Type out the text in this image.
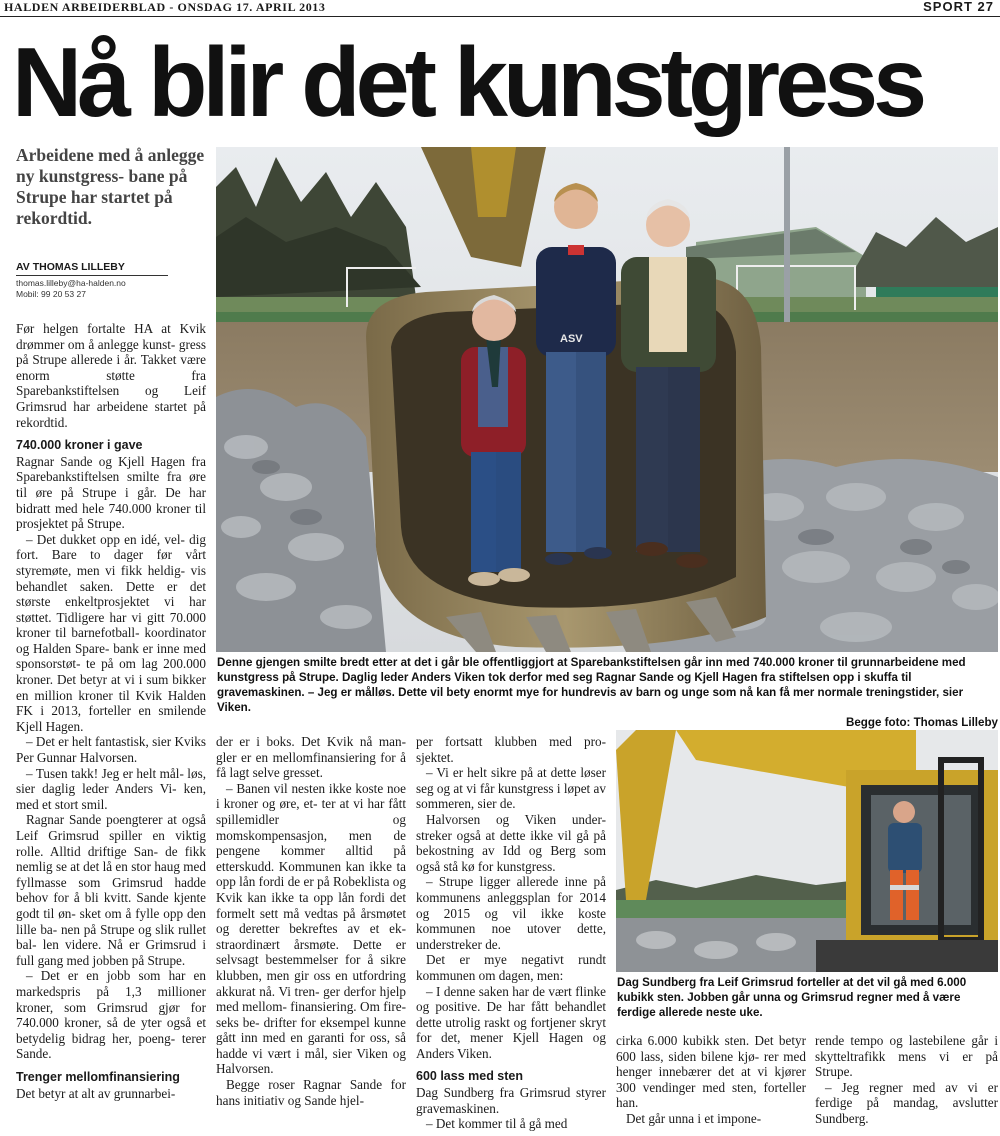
HALDEN ARBEIDERBLAD - ONSDAG 17. APRIL 2013	SPORT 27
Nå blir det kunstgress
Arbeidene med å anlegge ny kunstgress- bane på Strupe har startet på rekordtid.
AV THOMAS LILLEBY
thomas.lilleby@ha-halden.no
Mobil: 99 20 53 27

Før helgen fortalte HA at Kvik drømmer om å anlegge kunst- gress på Strupe allerede i år. Takket være enorm støtte fra Sparebankstiftelsen og Leif Grimsrud har arbeidene startet på rekordtid.

740.000 kroner i gave

Ragnar Sande og Kjell Hagen fra Sparebankstiftelsen smilte fra øre til øre på Strupe i går. De har bidratt med hele 740.000 kroner til prosjektet på Strupe.

– Det dukket opp en idé, vel- dig fort. Bare to dager før vårt styremøte, men vi fikk heldig- vis behandlet saken. Dette er det største enkeltprosjektet vi har støttet. Tidligere har vi gitt 70.000 kroner til barnefotball- koordinator og Halden Spare- bank er inne med sponsorstøt- te på om lag 200.000 kroner. Det betyr at vi i sum bikker en million kroner til Kvik Halden FK i 2013, forteller en smilende Kjell Hagen.

– Det er helt fantastisk, sier Kviks Per Gunnar Halvorsen.

– Tusen takk! Jeg er helt mål- løs, sier daglig leder Anders Vi- ken, med et stort smil.

Ragnar Sande poengterer at også Leif Grimsrud spiller en viktig rolle. Alltid driftige San- de fikk nemlig se at det lå en stor haug med fyllmasse som Grimsrud hadde behov for å bli kvitt. Sande kjente godt til øn- sket om å fylle opp den lille ba- nen på Strupe og slik rullet bal- len videre. Nå er Grimsrud i full gang med jobben på Strupe.

– Det er en jobb som har en markedspris på 1,3 millioner kroner, som Grimsrud gjør for 740.000 kroner, så de yter også et betydelig bidrag her, poeng- terer Sande.

Trenger mellomfinansiering

Det betyr at alt av grunnarbei-

ASV
Denne gjengen smilte bredt etter at det i går ble offentliggjort at Sparebankstiftelsen går inn med 740.000 kroner til grunnarbeidene med kunstgress på Strupe. Daglig leder Anders Viken tok derfor med seg Ragnar Sande og Kjell Hagen fra stiftelsen opp i skuffa til gravemaskinen. – Jeg er målløs. Dette vil bety enormt mye for hundrevis av barn og unge som nå kan få mer normale treningstider, sier Viken.
Begge foto: Thomas Lilleby

der er i boks. Det Kvik nå man- gler er en mellomfinansiering for å få lagt selve gresset.

– Banen vil nesten ikke koste noe i kroner og øre, et- ter at vi har fått spillemidler og momskompensasjon, men de pengene kommer alltid på etterskudd. Kommunen kan ikke ta opp lån fordi de er på Robeklista og Kvik kan ikke ta opp lån fordi det formelt sett må vedtas på årsmøtet og deretter bekreftes av et ek- straordinært årsmøte. Dette er selvsagt bestemmelser for å sikre klubben, men gir oss en utfordring akkurat nå. Vi tren- ger derfor hjelp med mellom- finansiering. Om fire-seks be- drifter for eksempel kunne gått inn med en garanti for oss, så hadde vi vært i mål, sier Viken og Halvorsen.

Begge roser Ragnar Sande for hans initiativ og Sande hjel-

per fortsatt klubben med pro- sjektet.

– Vi er helt sikre på at dette løser seg og at vi får kunstgress i løpet av sommeren, sier de.

Halvorsen og Viken under- streker også at dette ikke vil gå på bekostning av Idd og Berg som også stå kø for kunstgress.

– Strupe ligger allerede inne på kommunens anleggsplan for 2014 og 2015 og vil ikke koste kommunen noe utover dette, understreker de.

Det er mye negativt rundt kommunen om dagen, men:

– I denne saken har de vært flinke og positive. De har fått behandlet dette utrolig raskt og fortjener skryt for det, mener Kjell Hagen og Anders Viken.

600 lass med sten

Dag Sundberg fra Grimsrud styrer gravemaskinen.

– Det kommer til å gå med

Dag Sundberg fra Leif Grimsrud forteller at det vil gå med 6.000 kubikk sten. Jobben går unna og Grimsrud regner med å være ferdige allerede neste uke.

cirka 6.000 kubikk sten. Det betyr 600 lass, siden bilene kjø- rer med henger innebærer det at vi kjører 300 vendinger med sten, forteller han.

Det går unna i et impone-

rende tempo og lastebilene går i skytteltrafikk mens vi er på Strupe.

– Jeg regner med av vi er ferdige på mandag, avslutter Sundberg.
